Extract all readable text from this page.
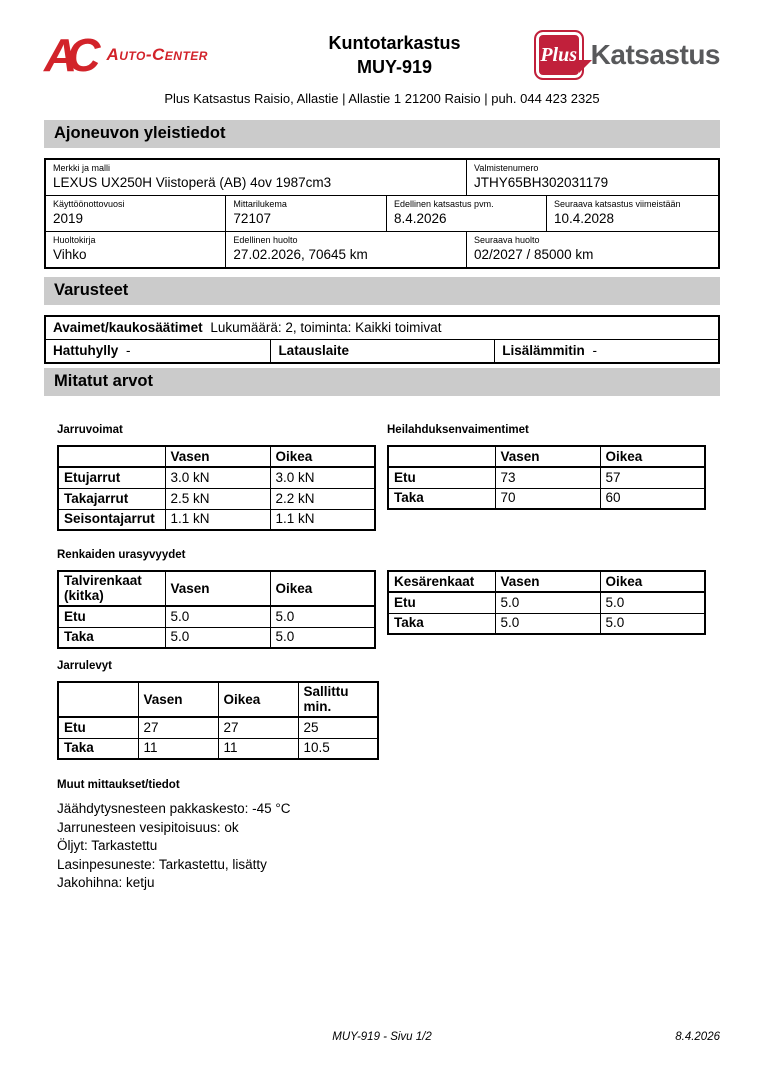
AC Auto-Center
Kuntotarkastus
MUY-919
Plus Katsastus
Plus Katsastus Raisio, Allastie | Allastie 1 21200 Raisio | puh. 044 423 2325
Ajoneuvon yleistiedot
Merkki ja malli
LEXUS UX250H Viistoperä (AB) 4ov 1987cm3
Valmistenumero
JTHY65BH302031179
Käyttöönottovuosi
2019
Mittarilukema
72107
Edellinen katsastus pvm.
8.4.2026
Seuraava katsastus viimeistään
10.4.2028
Huoltokirja
Vihko
Edellinen huolto
27.02.2026, 70645 km
Seuraava huolto
02/2027 / 85000 km
Varusteet
Avaimet/kaukosäätimet Lukumäärä: 2, toiminta: Kaikki toimivat
Hattuhylly -	Latauslaite	Lisälämmitin -
Mitatut arvot
Jarruvoimat
	Vasen	Oikea
Etujarrut	3.0 kN	3.0 kN
Takajarrut	2.5 kN	2.2 kN
Seisontajarrut	1.1 kN	1.1 kN
Heilahduksenvaimentimet
	Vasen	Oikea
Etu	73	57
Taka	70	60
Renkaiden urasyvyydet
Talvirenkaat (kitka)	Vasen	Oikea
Etu	5.0	5.0
Taka	5.0	5.0
Kesärenkaat	Vasen	Oikea
Etu	5.0	5.0
Taka	5.0	5.0
Jarrulevyt
	Vasen	Oikea	Sallittu min.
Etu	27	27	25
Taka	11	11	10.5
Muut mittaukset/tiedot
Jäähdytysnesteen pakkaskesto: -45 °C
Jarrunesteen vesipitoisuus: ok
Öljyt: Tarkastettu
Lasinpesuneste: Tarkastettu, lisätty
Jakohihna: ketju
MUY-919 - Sivu 1/2	8.4.2026
